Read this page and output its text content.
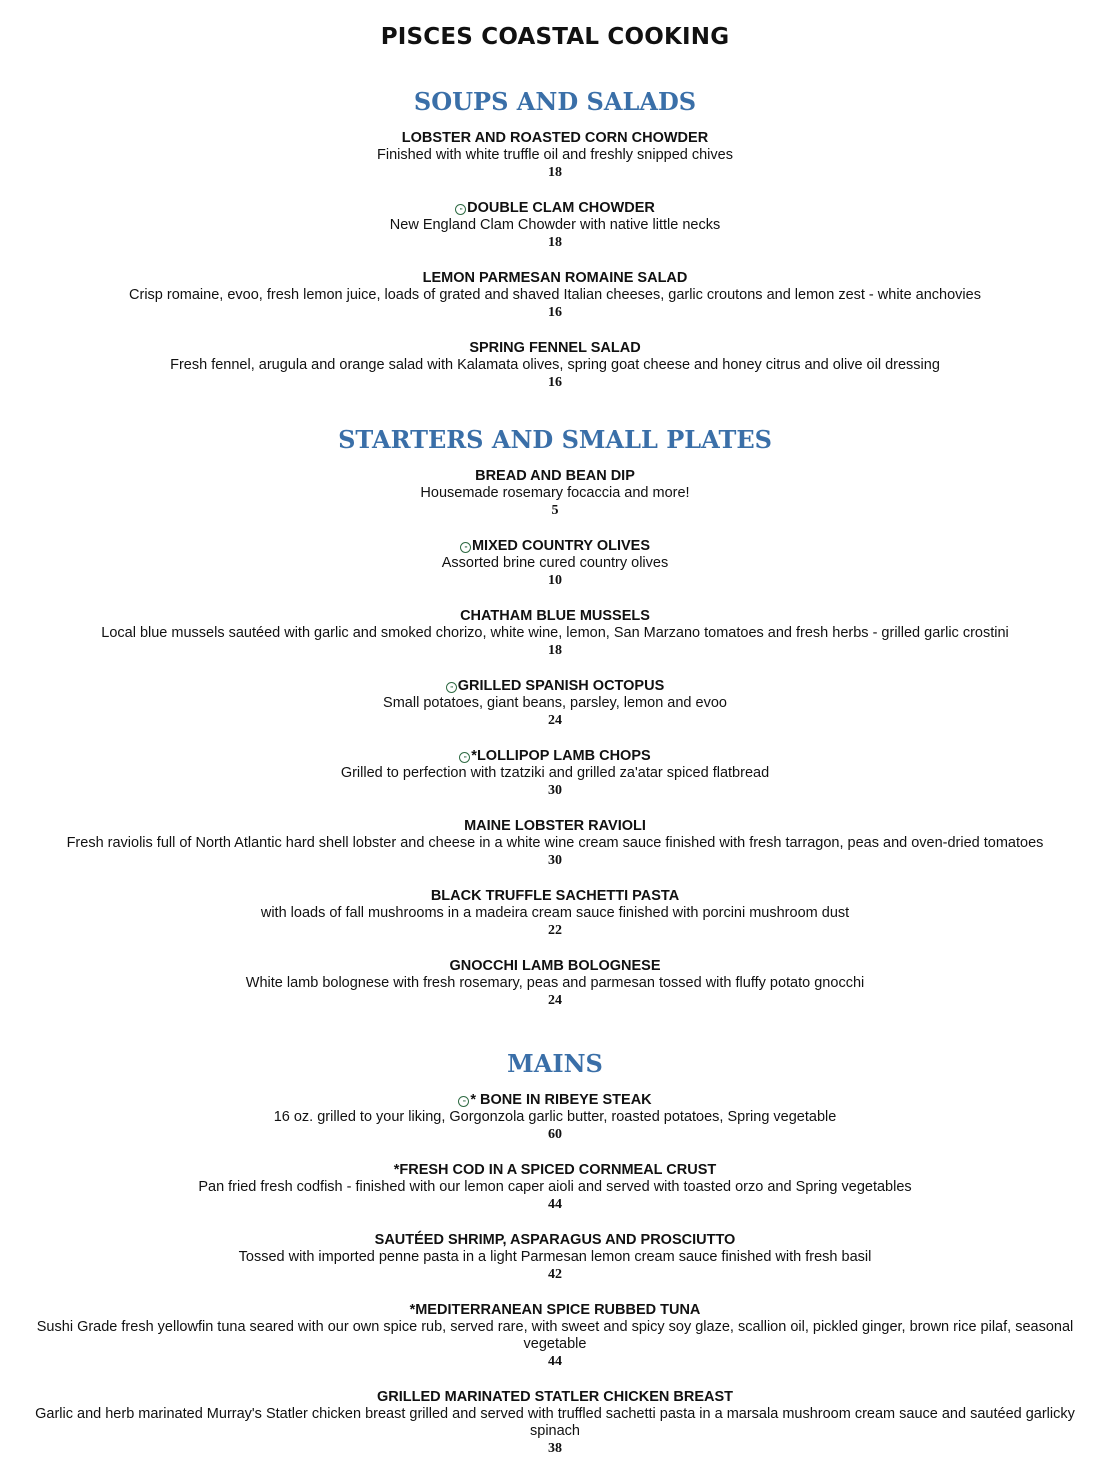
PISCES COASTAL COOKING
SOUPS AND SALADS
LOBSTER AND ROASTED CORN CHOWDER
Finished with white truffle oil and freshly snipped chives
18
··DOUBLE CLAM CHOWDER
New England Clam Chowder with native little necks
18
LEMON PARMESAN ROMAINE SALAD
Crisp romaine, evoo, fresh lemon juice, loads of grated and shaved Italian cheeses, garlic croutons and lemon zest - white anchovies
16
SPRING FENNEL SALAD
Fresh fennel, arugula and orange salad with Kalamata olives, spring goat cheese and honey citrus and olive oil dressing
16
STARTERS AND SMALL PLATES
BREAD AND BEAN DIP
Housemade rosemary focaccia and more!
5
··MIXED COUNTRY OLIVES
Assorted brine cured country olives
10
CHATHAM BLUE MUSSELS
Local blue mussels sautéed with garlic and smoked chorizo, white wine, lemon, San Marzano tomatoes and fresh herbs - grilled garlic crostini
18
··GRILLED SPANISH OCTOPUS
Small potatoes, giant beans, parsley, lemon and evoo
24
··*LOLLIPOP LAMB CHOPS
Grilled to perfection with tzatziki and grilled za'atar spiced flatbread
30
MAINE LOBSTER RAVIOLI
Fresh raviolis full of North Atlantic hard shell lobster and cheese in a white wine cream sauce finished with fresh tarragon, peas and oven-dried tomatoes
30
BLACK TRUFFLE SACHETTI PASTA
with loads of fall mushrooms in a madeira cream sauce finished with porcini mushroom dust
22
GNOCCHI LAMB BOLOGNESE
White lamb bolognese with fresh rosemary, peas and parmesan tossed with fluffy potato gnocchi
24
MAINS
··* BONE IN RIBEYE STEAK
16 oz. grilled to your liking, Gorgonzola garlic butter, roasted potatoes, Spring vegetable
60
*FRESH COD IN A SPICED CORNMEAL CRUST
Pan fried fresh codfish - finished with our lemon caper aioli and served with toasted orzo and Spring vegetables
44
SAUTÉED SHRIMP, ASPARAGUS AND PROSCIUTTO
Tossed with imported penne pasta in a light Parmesan lemon cream sauce finished with fresh basil
42
*MEDITERRANEAN SPICE RUBBED TUNA
Sushi Grade fresh yellowfin tuna seared with our own spice rub, served rare, with sweet and spicy soy glaze, scallion oil, pickled ginger, brown rice pilaf, seasonal vegetable
44
GRILLED MARINATED STATLER CHICKEN BREAST
Garlic and herb marinated Murray's Statler chicken breast grilled and served with truffled sachetti pasta in a marsala mushroom cream sauce and sautéed garlicky spinach
38
